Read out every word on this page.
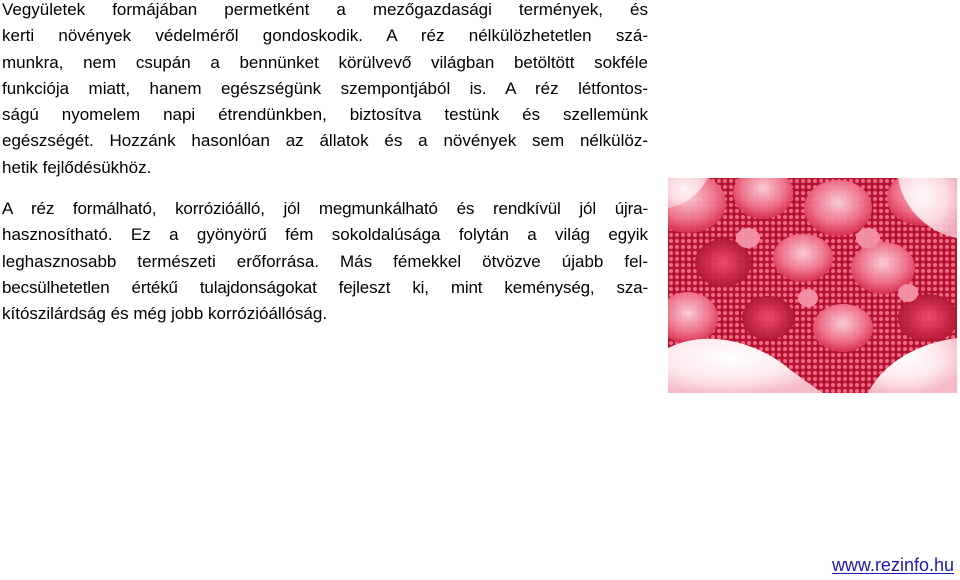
Vegyületek formájában permetként a mezőgazdasági termények, és
kerti növények védelméről gondoskodik. A réz nélkülözhetetlen szá-
munkra, nem csupán a bennünket körülvevő világban betöltött sokféle
funkciója miatt, hanem egészségünk szempontjából is. A réz létfontos-
ságú nyomelem napi étrendünkben, biztosítva testünk és szellemünk
egészségét. Hozzánk hasonlóan az állatok és a növények sem nélkülöz-
hetik fejlődésükhöz.
A réz formálható, korrózióálló, jól megmunkálható és rendkívül jól újra-
hasznosítható. Ez a gyönyörű fém sokoldalúsága folytán a világ egyik
leghasznosabb természeti erőforrása. Más fémekkel ötvözve újabb fel-
becsülhetetlen értékű tulajdonságokat fejleszt ki, mint keménység, sza-
kítószilárdság és még jobb korrózióállóság.
www.rezinfo.hu
